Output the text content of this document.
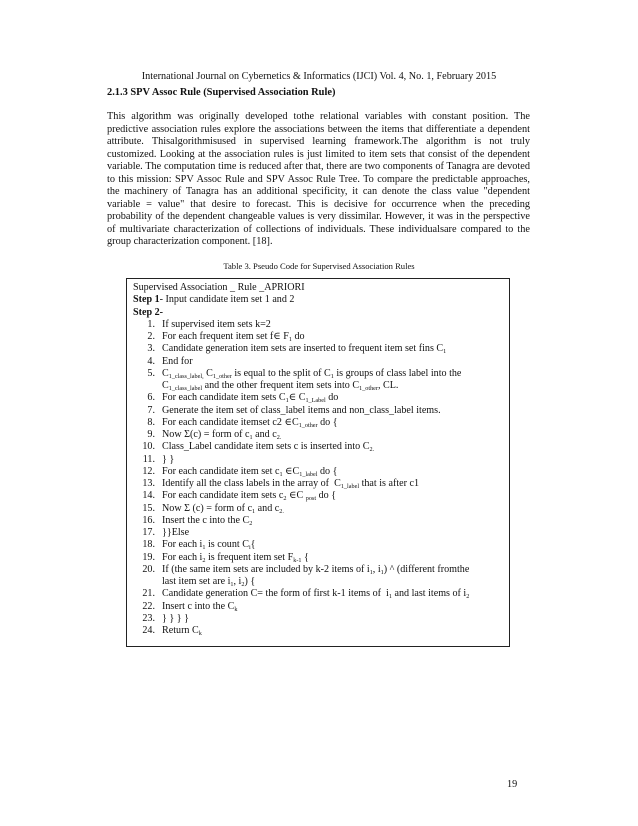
International Journal on Cybernetics & Informatics (IJCI) Vol. 4, No. 1, February 2015
2.1.3 SPV Assoc Rule (Supervised Association Rule)
This algorithm was originally developed tothe relational variables with constant position. The predictive association rules explore the associations between the items that differentiate a dependent attribute. Thisalgorithmisused in supervised learning framework.The algorithm is not truly customized. Looking at the association rules is just limited to item sets that consist of the dependent variable. The computation time is reduced after that, there are two components of Tanagra are devoted to this mission: SPV Assoc Rule and SPV Assoc Rule Tree. To compare the predictable approaches, the machinery of Tanagra has an additional specificity, it can denote the class value "dependent variable = value" that desire to forecast. This is decisive for occurrence when the preceding probability of the dependent changeable values is very dissimilar. However, it was in the perspective of multivariate characterization of collections of individuals. These individualsare compared to the group characterization component. [18].
Table 3. Pseudo Code for Supervised Association Rules
Supervised Association _ Rule _APRIORI
Step 1- Input candidate item set 1 and 2
Step 2-
1. If supervised item sets k=2
2. For each frequent item set f∈ $F_1$ do
3. Candidate generation item sets are inserted to frequent item set fins $C_1$
4. End for
5. $C_{1\_class\_label,}$ $C_{1\_other}$ is equal to the split of $C_1$ is groups of class label into the
$C_{1\_class\_label}$ and the other frequent item sets into $C_{1\_other}$, CL.
6. For each candidate item sets $C_1\in$ $C_{1\_Label}$ do
7. Generate the item set of class_label items and non_class_label items.
8. For each candidate itemset c2 $\in C_{1\_other}$ do {
9. Now Σ(c) = form of $c_1$ and $c_{2.}$
10. Class_Label candidate item sets c is inserted into $C_{2.}$
11. } }
12. For each candidate item set $c_1$ $\in C_{1\_label}$ do {
13. Identify all the class labels in the array of  $C_{1\_label}$ that is after c1
14. For each candidate item sets $c_2$ ∈C $_{post}$ do {
15. Now Σ (c) = form of $c_1$ and $c_{2.}$
16. Insert the c into the $C_2$
17. }}Else
18. For each $i_1$ is count $C_i${
19. For each $i_2$ is frequent item set $F_{k-1}$ {
20. If (the same item sets are included by k-2 items of $i_1$, $i_1$) ^ (different fromthe
last item set are $i_1$, $i_2$) {
21. Candidate generation C= the form of first k-1 items of  $i_1$ and last items of $i_2$
22. Insert c into the $C_k$
23. } } } }
24. Return $C_k$
19
